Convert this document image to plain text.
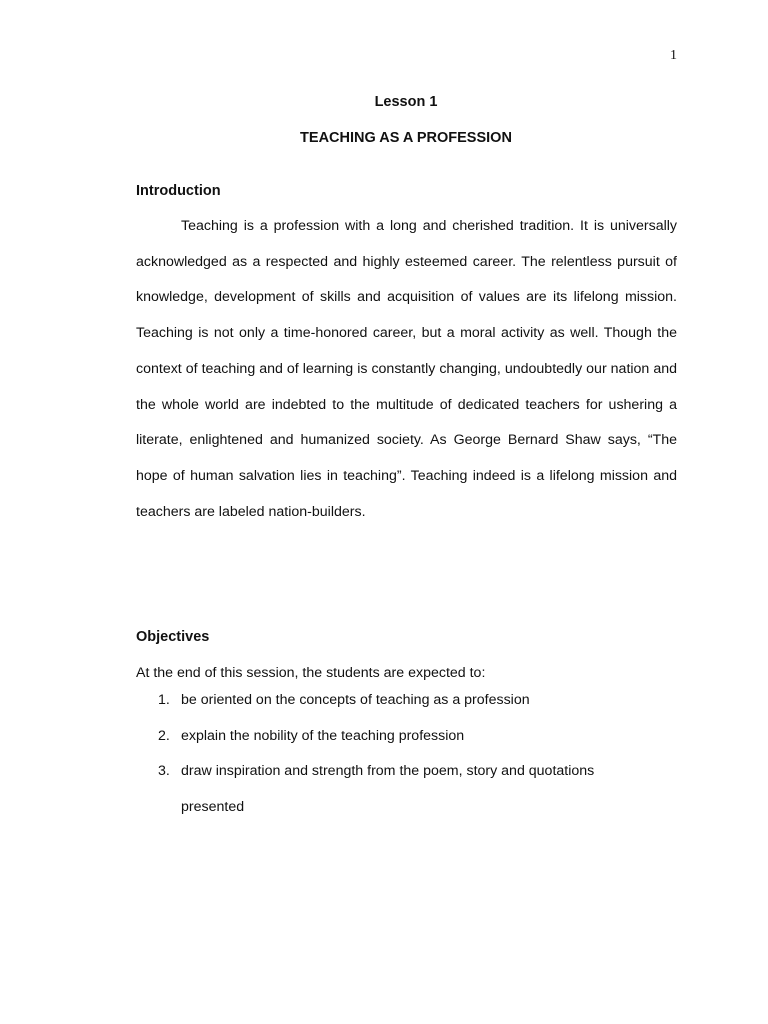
1
Lesson 1
TEACHING AS A PROFESSION
Introduction

Teaching is a profession with a long and cherished tradition. It is universally acknowledged as a respected and highly esteemed career. The relentless pursuit of knowledge, development of skills and acquisition of values are its lifelong mission. Teaching is not only a time-honored career, but a moral activity as well. Though the context of teaching and of learning is constantly changing, undoubtedly our nation and the whole world are indebted to the multitude of dedicated teachers for ushering a literate, enlightened and humanized society. As George Bernard Shaw says, “The hope of human salvation lies in teaching”. Teaching indeed is a lifelong mission and teachers are labeled nation-builders.

Objectives

At the end of this session, the students are expected to:

1. be oriented on the concepts of teaching as a profession
2. explain the nobility of the teaching profession
3. draw inspiration and strength from the poem, story and quotations presented
